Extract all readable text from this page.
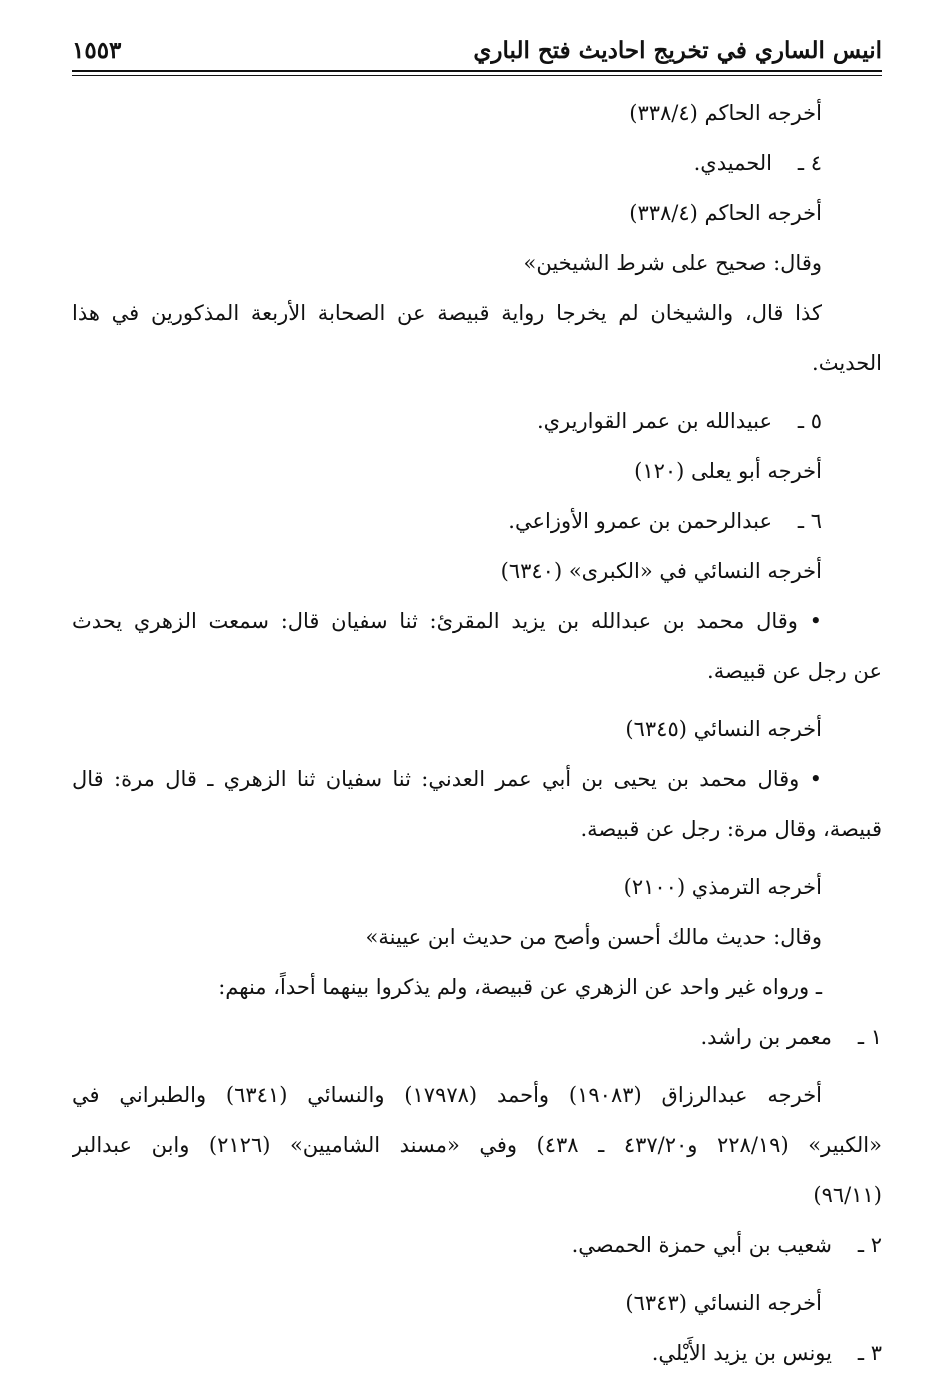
انيس الساري في تخريج احاديث فتح الباري
١٥٥٣
أخرجه الحاكم (٣٣٨/٤)
٤ ـالحميدي.
أخرجه الحاكم (٣٣٨/٤)
وقال: صحيح على شرط الشيخين»
كذا قال، والشيخان لم يخرجا رواية قبيصة عن الصحابة الأربعة المذكورين في هذا
الحديث.
٥ ـعبيدالله بن عمر القواريري.
أخرجه أبو يعلى (١٢٠)
٦ ـعبدالرحمن بن عمرو الأوزاعي.
أخرجه النسائي في «الكبرى» (٦٣٤٠)
• وقال محمد بن عبدالله بن يزيد المقرئ: ثنا سفيان قال: سمعت الزهري يحدث
عن رجل عن قبيصة.
أخرجه النسائي (٦٣٤٥)
• وقال محمد بن يحيى بن أبي عمر العدني: ثنا سفيان ثنا الزهري ـ قال مرة: قال
قبيصة، وقال مرة: رجل عن قبيصة.
أخرجه الترمذي (٢١٠٠)
وقال: حديث مالك أحسن وأصح من حديث ابن عيينة»
ـ ورواه غير واحد عن الزهري عن قبيصة، ولم يذكروا بينهما أحداً، منهم:
١ ـمعمر بن راشد.
أخرجه عبدالرزاق (١٩٠٨٣) وأحمد (١٧٩٧٨) والنسائي (٦٣٤١) والطبراني في
«الكبير» (٢٢٨/١٩ و٤٣٧/٢٠ ـ ٤٣٨) وفي «مسند الشاميين» (٢١٢٦) وابن عبدالبر
(٩٦/١١)
٢ ـشعيب بن أبي حمزة الحمصي.
أخرجه النسائي (٦٣٤٣)
٣ ـيونس بن يزيد الأَيْلي.
